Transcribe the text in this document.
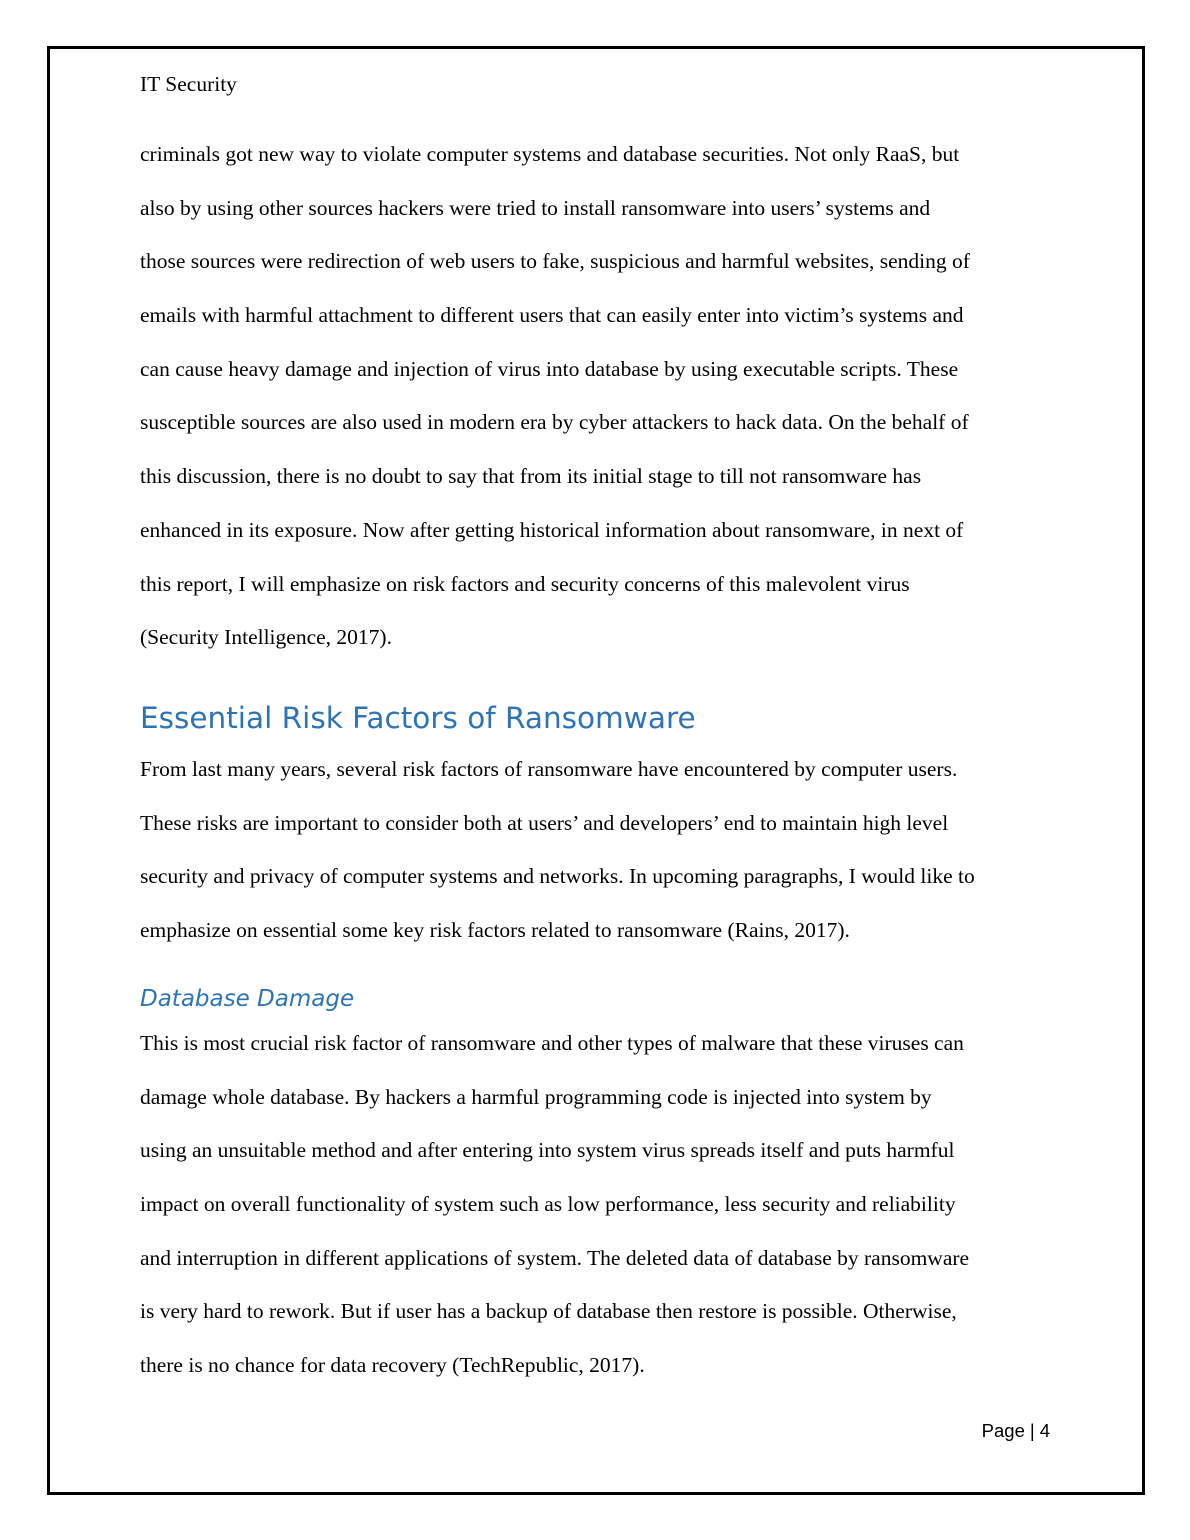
IT Security
criminals got new way to violate computer systems and database securities. Not only RaaS, but
also by using other sources hackers were tried to install ransomware into users’ systems and
those sources were redirection of web users to fake, suspicious and harmful websites, sending of
emails with harmful attachment to different users that can easily enter into victim’s systems and
can cause heavy damage and injection of virus into database by using executable scripts. These
susceptible sources are also used in modern era by cyber attackers to hack data. On the behalf of
this discussion, there is no doubt to say that from its initial stage to till not ransomware has
enhanced in its exposure. Now after getting historical information about ransomware, in next of
this report, I will emphasize on risk factors and security concerns of this malevolent virus
(Security Intelligence, 2017).
Essential Risk Factors of Ransomware
From last many years, several risk factors of ransomware have encountered by computer users.
These risks are important to consider both at users’ and developers’ end to maintain high level
security and privacy of computer systems and networks. In upcoming paragraphs, I would like to
emphasize on essential some key risk factors related to ransomware (Rains, 2017).
Database Damage
This is most crucial risk factor of ransomware and other types of malware that these viruses can
damage whole database. By hackers a harmful programming code is injected into system by
using an unsuitable method and after entering into system virus spreads itself and puts harmful
impact on overall functionality of system such as low performance, less security and reliability
and interruption in different applications of system. The deleted data of database by ransomware
is very hard to rework. But if user has a backup of database then restore is possible. Otherwise,
there is no chance for data recovery (TechRepublic, 2017).
Page | 4
